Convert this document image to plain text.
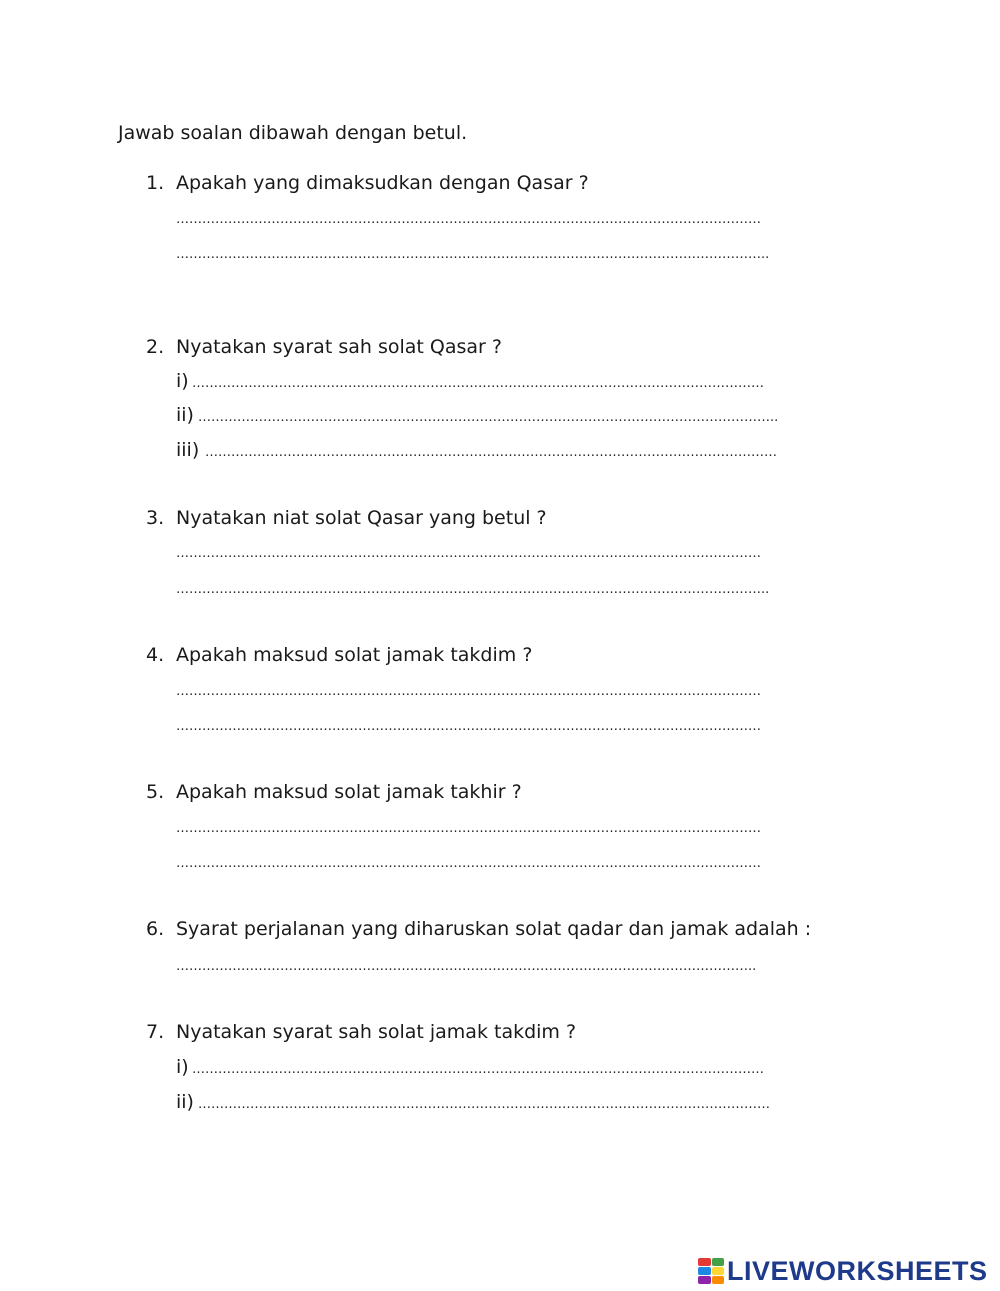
Jawab soalan dibawah dengan betul.
1. Apakah yang dimaksudkan dengan Qasar ?
………………………………………………………………………………………………………………………
………………………………………………………………………………………………………………………..
2. Nyatakan syarat sah solat Qasar ?
i) ……………………………………………………………………………………………………………………
ii) ……………………………………………………………………………………………………………………..
iii) ……………………………………………………………………………………………………………………
3. Nyatakan niat solat Qasar yang betul ?
………………………………………………………………………………………………………………………
………………………………………………………………………………………………………………………..
4. Apakah maksud solat jamak takdim ?
………………………………………………………………………………………………………………………
………………………………………………………………………………………………………………………
5. Apakah maksud solat jamak takhir ?
………………………………………………………………………………………………………………………
………………………………………………………………………………………………………………………
6. Syarat perjalanan yang diharuskan solat qadar dan jamak adalah :
……………………………………………………………………………………………………………………..
7. Nyatakan syarat sah solat jamak takdim ?
i) ……………………………………………………………………………………………………………………
ii) ……………………………………………………………………………………………………………………
LIVEWORKSHEETS
